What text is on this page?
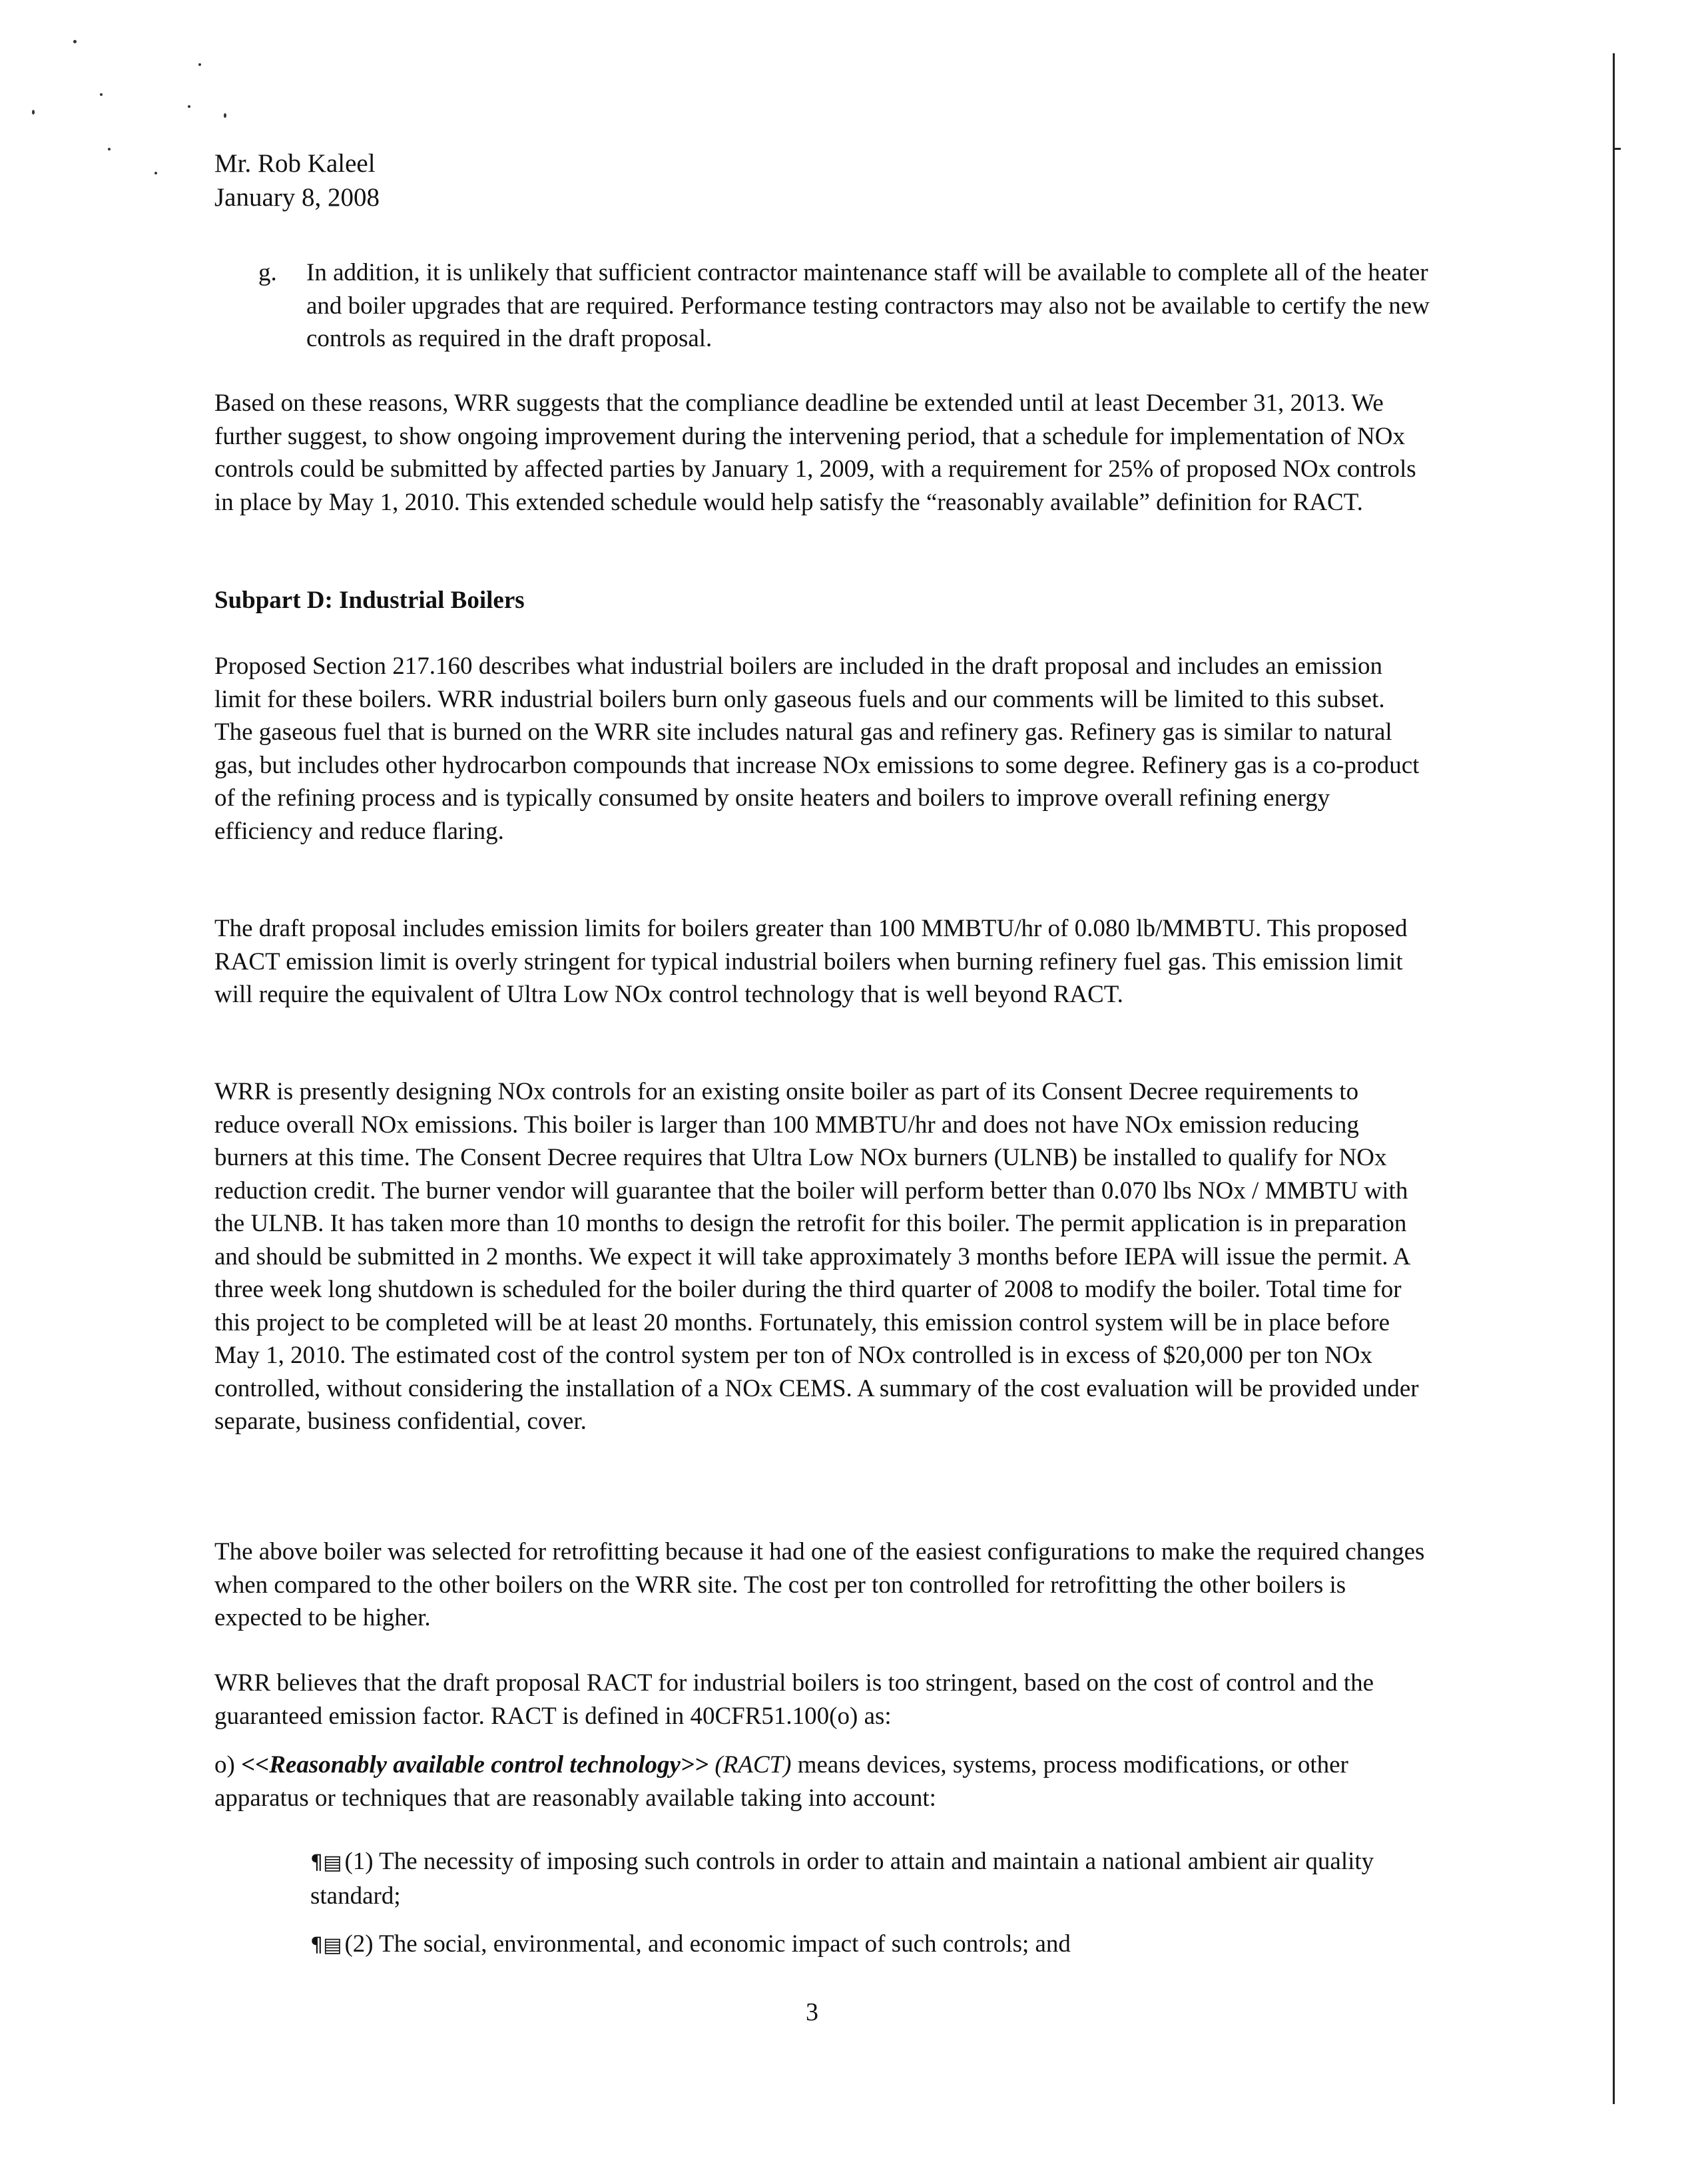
Mr. Rob Kaleel
January 8, 2008
g. In addition, it is unlikely that sufficient contractor maintenance staff will be available to complete all of the heater and boiler upgrades that are required. Performance testing contractors may also not be available to certify the new controls as required in the draft proposal.

Based on these reasons, WRR suggests that the compliance deadline be extended until at least December 31, 2013. We further suggest, to show ongoing improvement during the intervening period, that a schedule for implementation of NOx controls could be submitted by affected parties by January 1, 2009, with a requirement for 25% of proposed NOx controls in place by May 1, 2010. This extended schedule would help satisfy the “reasonably available” definition for RACT.

Subpart D: Industrial Boilers

Proposed Section 217.160 describes what industrial boilers are included in the draft proposal and includes an emission limit for these boilers. WRR industrial boilers burn only gaseous fuels and our comments will be limited to this subset. The gaseous fuel that is burned on the WRR site includes natural gas and refinery gas. Refinery gas is similar to natural gas, but includes other hydrocarbon compounds that increase NOx emissions to some degree. Refinery gas is a co-product of the refining process and is typically consumed by onsite heaters and boilers to improve overall refining energy efficiency and reduce flaring.

The draft proposal includes emission limits for boilers greater than 100 MMBTU/hr of 0.080 lb/MMBTU. This proposed RACT emission limit is overly stringent for typical industrial boilers when burning refinery fuel gas. This emission limit will require the equivalent of Ultra Low NOx control technology that is well beyond RACT.

WRR is presently designing NOx controls for an existing onsite boiler as part of its Consent Decree requirements to reduce overall NOx emissions. This boiler is larger than 100 MMBTU/hr and does not have NOx emission reducing burners at this time. The Consent Decree requires that Ultra Low NOx burners (ULNB) be installed to qualify for NOx reduction credit. The burner vendor will guarantee that the boiler will perform better than 0.070 lbs NOx / MMBTU with the ULNB. It has taken more than 10 months to design the retrofit for this boiler. The permit application is in preparation and should be submitted in 2 months. We expect it will take approximately 3 months before IEPA will issue the permit. A three week long shutdown is scheduled for the boiler during the third quarter of 2008 to modify the boiler. Total time for this project to be completed will be at least 20 months. Fortunately, this emission control system will be in place before May 1, 2010. The estimated cost of the control system per ton of NOx controlled is in excess of $20,000 per ton NOx controlled, without considering the installation of a NOx CEMS. A summary of the cost evaluation will be provided under separate, business confidential, cover.

The above boiler was selected for retrofitting because it had one of the easiest configurations to make the required changes when compared to the other boilers on the WRR site. The cost per ton controlled for retrofitting the other boilers is expected to be higher.

WRR believes that the draft proposal RACT for industrial boilers is too stringent, based on the cost of control and the guaranteed emission factor. RACT is defined in 40CFR51.100(o) as:

o) <<Reasonably available control technology>> (RACT) means devices, systems, process modifications, or other apparatus or techniques that are reasonably available taking into account:
¶▤ (1) The necessity of imposing such controls in order to attain and maintain a national ambient air quality standard;
¶▤ (2) The social, environmental, and economic impact of such controls; and
3
